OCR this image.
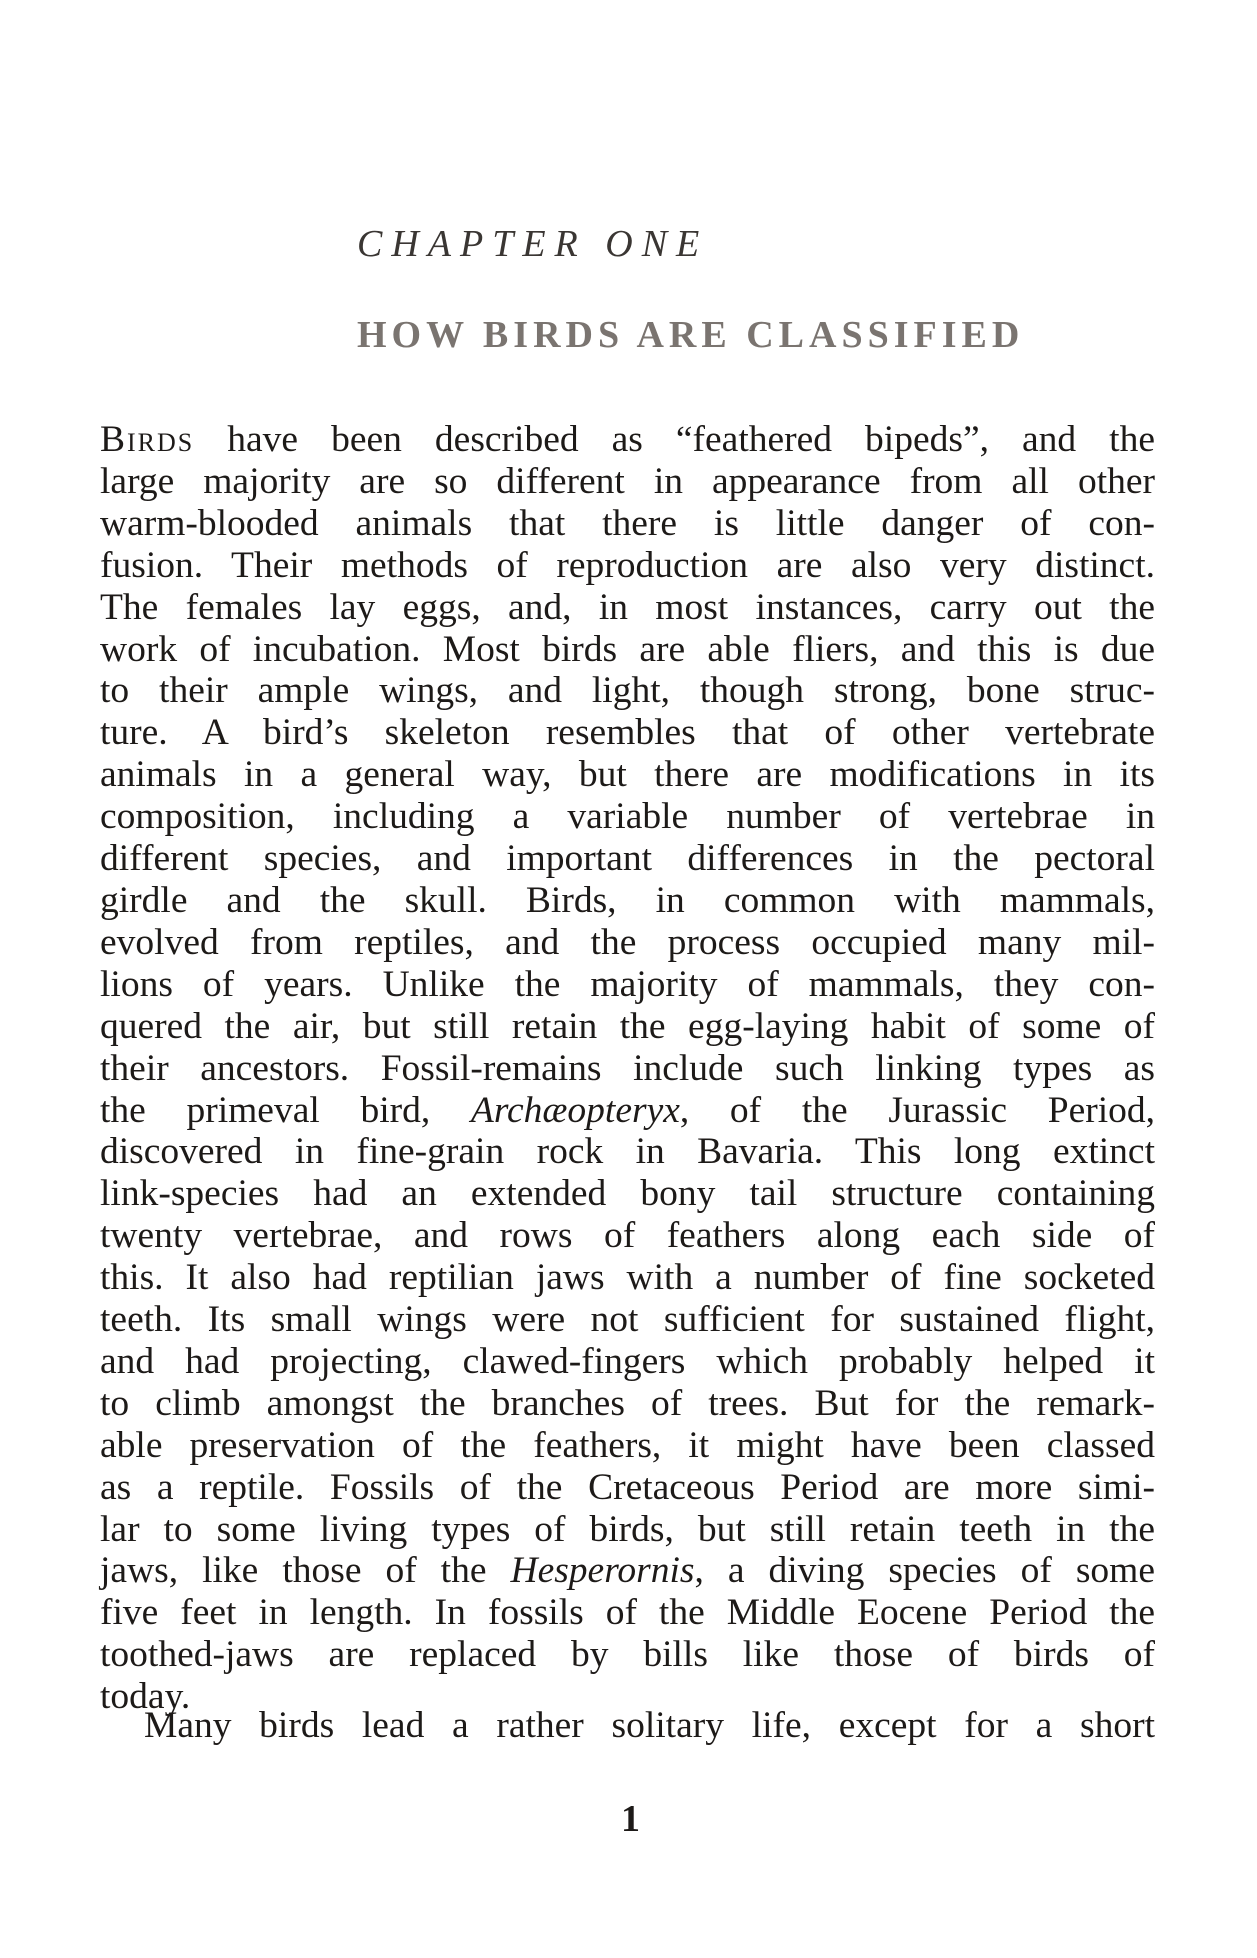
CHAPTER ONE
HOW BIRDS ARE CLASSIFIED
Birds have been described as “feathered bipeds”, and the
large majority are so different in appearance from all other
warm-blooded animals that there is little danger of con-
fusion. Their methods of reproduction are also very distinct.
The females lay eggs, and, in most instances, carry out the
work of incubation. Most birds are able fliers, and this is due
to their ample wings, and light, though strong, bone struc-
ture. A bird’s skeleton resembles that of other vertebrate
animals in a general way, but there are modifications in its
composition, including a variable number of vertebrae in
different species, and important differences in the pectoral
girdle and the skull. Birds, in common with mammals,
evolved from reptiles, and the process occupied many mil-
lions of years. Unlike the majority of mammals, they con-
quered the air, but still retain the egg-laying habit of some of
their ancestors. Fossil-remains include such linking types as
the primeval bird, Archæopteryx, of the Jurassic Period,
discovered in fine-grain rock in Bavaria. This long extinct
link-species had an extended bony tail structure containing
twenty vertebrae, and rows of feathers along each side of
this. It also had reptilian jaws with a number of fine socketed
teeth. Its small wings were not sufficient for sustained flight,
and had projecting, clawed-fingers which probably helped it
to climb amongst the branches of trees. But for the remark-
able preservation of the feathers, it might have been classed
as a reptile. Fossils of the Cretaceous Period are more simi-
lar to some living types of birds, but still retain teeth in the
jaws, like those of the Hesperornis, a diving species of some
five feet in length. In fossils of the Middle Eocene Period the
toothed-jaws are replaced by bills like those of birds of
today.
Many birds lead a rather solitary life, except for a short
1
